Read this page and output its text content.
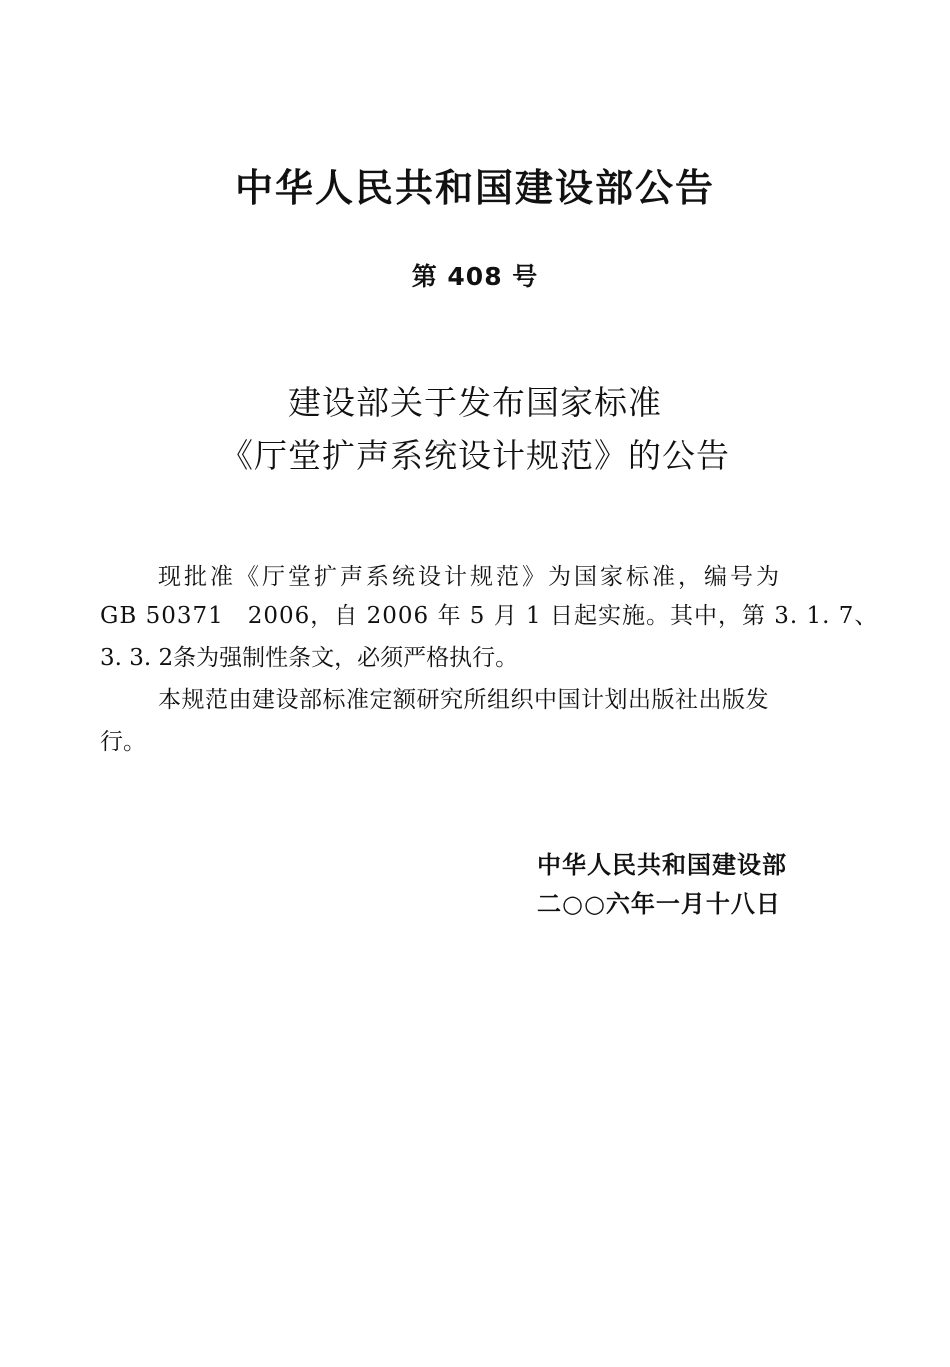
中华人民共和国建设部公告
第 408 号
建设部关于发布国家标准
《厅堂扩声系统设计规范》的公告
现批准《厅堂扩声系统设计规范》为国家标准，编号为
GB 50371　2006，自 2006 年 5 月 1 日起实施。其中，第 3. 1. 7、
3. 3. 2条为强制性条文，必须严格执行。
本规范由建设部标准定额研究所组织中国计划出版社出版发
行。
中华人民共和国建设部
二○○六年一月十八日
